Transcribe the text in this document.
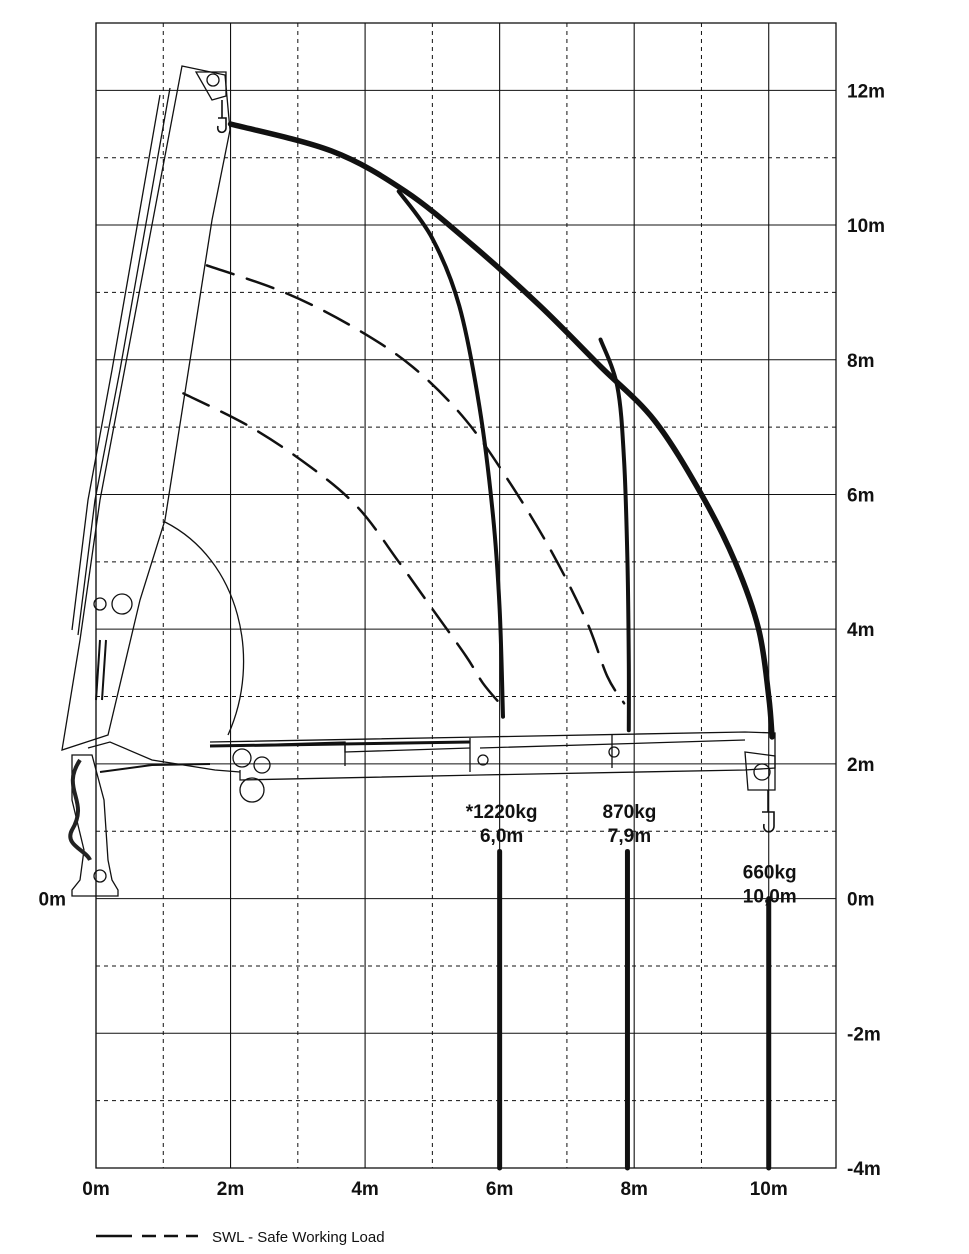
0m	2m	4m	6m	8m	10m
12m
10m
8m
6m
4m
2m
0m
-2m
-4m
0m
*1220kg
6,0m
870kg
7,9m
660kg
10,0m
SWL - Safe Working Load
